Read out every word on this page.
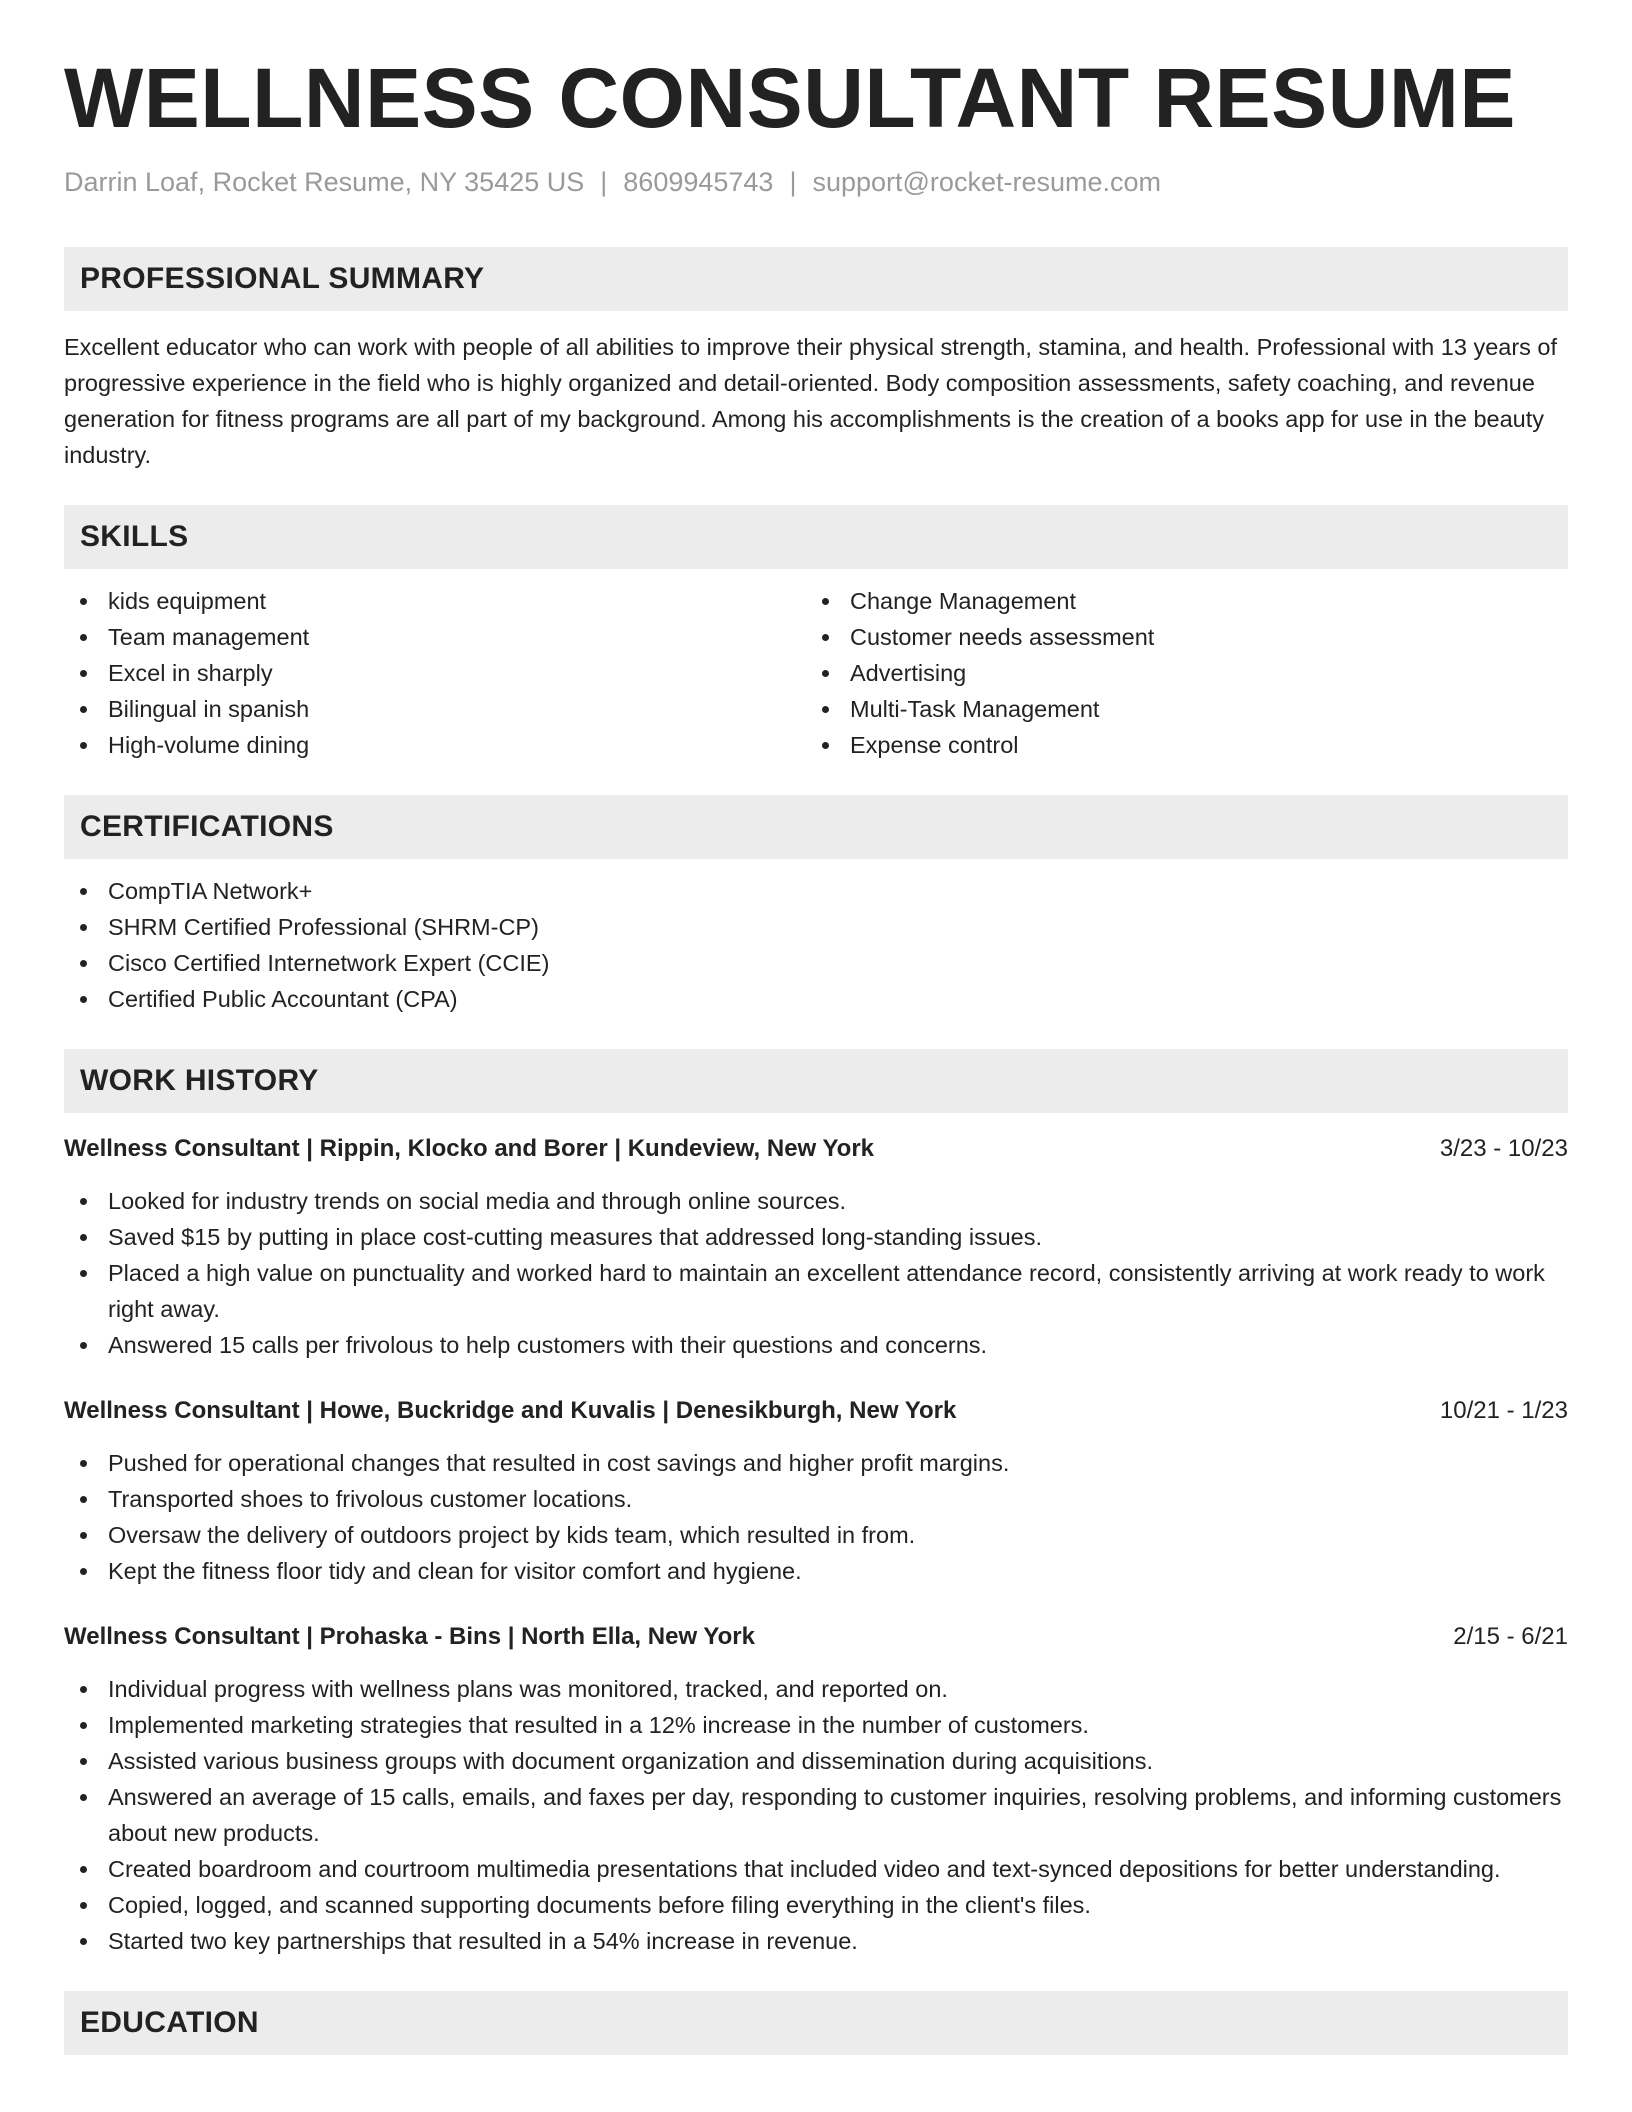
WELLNESS CONSULTANT RESUME
Darrin Loaf, Rocket Resume, NY 35425 US | 8609945743 | support@rocket-resume.com
PROFESSIONAL SUMMARY
Excellent educator who can work with people of all abilities to improve their physical strength, stamina, and health. Professional with 13 years of progressive experience in the field who is highly organized and detail-oriented. Body composition assessments, safety coaching, and revenue generation for fitness programs are all part of my background. Among his accomplishments is the creation of a books app for use in the beauty industry.
SKILLS
kids equipment
Team management
Excel in sharply
Bilingual in spanish
High-volume dining
Change Management
Customer needs assessment
Advertising
Multi-Task Management
Expense control
CERTIFICATIONS
CompTIA Network+
SHRM Certified Professional (SHRM-CP)
Cisco Certified Internetwork Expert (CCIE)
Certified Public Accountant (CPA)
WORK HISTORY
Wellness Consultant | Rippin, Klocko and Borer | Kundeview, New York	3/23 - 10/23
Looked for industry trends on social media and through online sources.
Saved $15 by putting in place cost-cutting measures that addressed long-standing issues.
Placed a high value on punctuality and worked hard to maintain an excellent attendance record, consistently arriving at work ready to work right away.
Answered 15 calls per frivolous to help customers with their questions and concerns.
Wellness Consultant | Howe, Buckridge and Kuvalis | Denesikburgh, New York	10/21 - 1/23
Pushed for operational changes that resulted in cost savings and higher profit margins.
Transported shoes to frivolous customer locations.
Oversaw the delivery of outdoors project by kids team, which resulted in from.
Kept the fitness floor tidy and clean for visitor comfort and hygiene.
Wellness Consultant | Prohaska - Bins | North Ella, New York	2/15 - 6/21
Individual progress with wellness plans was monitored, tracked, and reported on.
Implemented marketing strategies that resulted in a 12% increase in the number of customers.
Assisted various business groups with document organization and dissemination during acquisitions.
Answered an average of 15 calls, emails, and faxes per day, responding to customer inquiries, resolving problems, and informing customers about new products.
Created boardroom and courtroom multimedia presentations that included video and text-synced depositions for better understanding.
Copied, logged, and scanned supporting documents before filing everything in the client's files.
Started two key partnerships that resulted in a 54% increase in revenue.
EDUCATION
